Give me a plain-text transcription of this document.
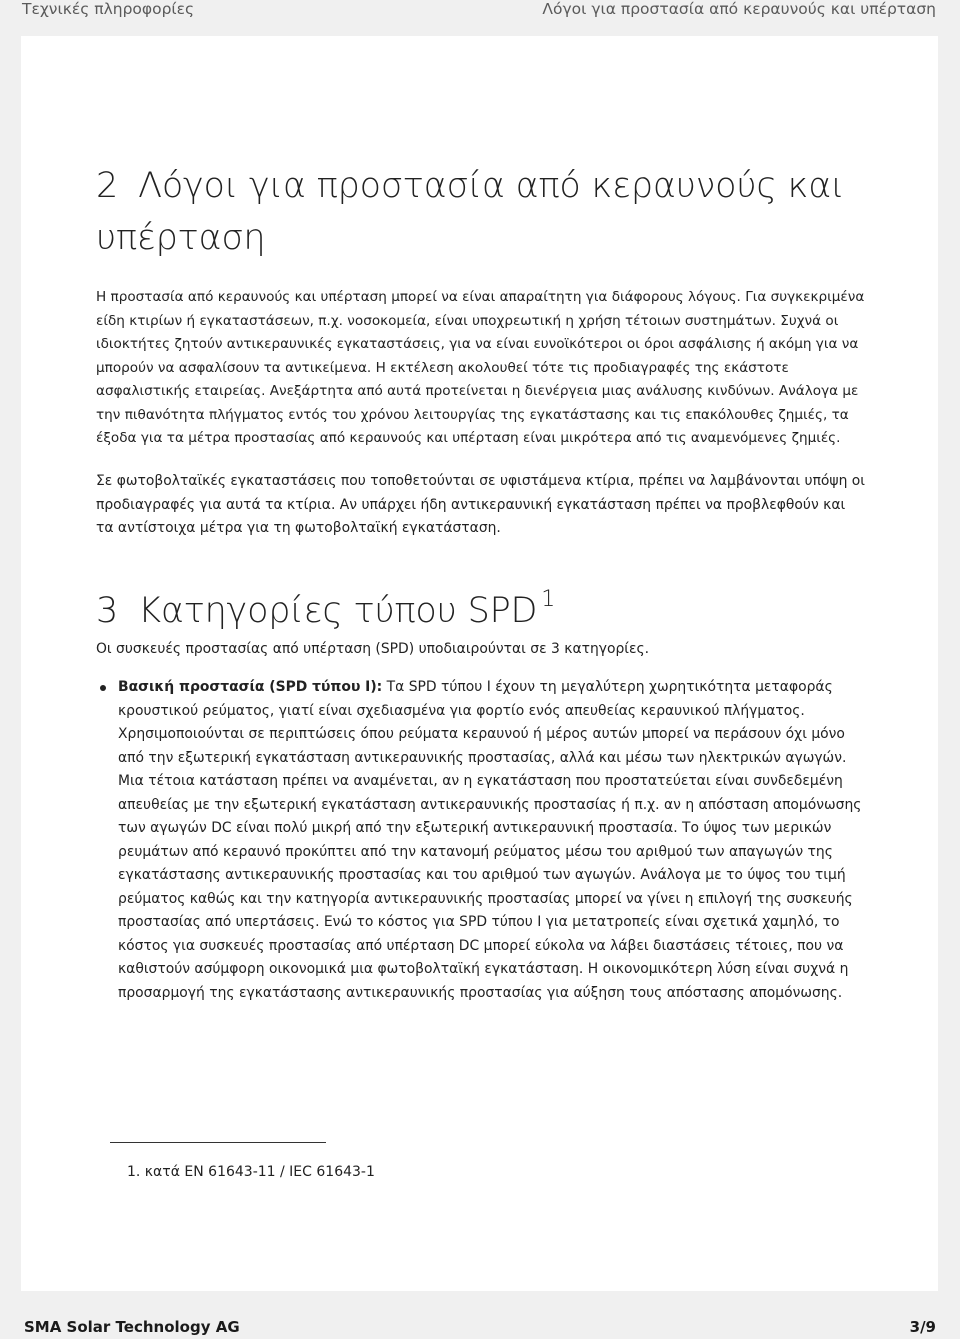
Τεχνικές πληροφορίες	Λόγοι για προστασία από κεραυνούς και υπέρταση
2 Λόγοι για προστασία από κεραυνούς και υπέρταση

Η προστασία από κεραυνούς και υπέρταση μπορεί να είναι απαραίτητη για διάφορους λόγους. Για συγκεκριμένα είδη κτιρίων ή εγκαταστάσεων, π.χ. νοσοκομεία, είναι υποχρεωτική η χρήση τέτοιων συστημάτων. Συχνά οι ιδιοκτήτες ζητούν αντικεραυνικές εγκαταστάσεις, για να είναι ευνοϊκότεροι οι όροι ασφάλισης ή ακόμη για να μπορούν να ασφαλίσουν τα αντικείμενα. Η εκτέλεση ακολουθεί τότε τις προδιαγραφές της εκάστοτε ασφαλιστικής εταιρείας. Ανεξάρτητα από αυτά προτείνεται η διενέργεια μιας ανάλυσης κινδύνων. Ανάλογα με την πιθανότητα πλήγματος εντός του χρόνου λειτουργίας της εγκατάστασης και τις επακόλουθες ζημιές, τα έξοδα για τα μέτρα προστασίας από κεραυνούς και υπέρταση είναι μικρότερα από τις αναμενόμενες ζημιές.

Σε φωτοβολταϊκές εγκαταστάσεις που τοποθετούνται σε υφιστάμενα κτίρια, πρέπει να λαμβάνονται υπόψη οι προδιαγραφές για αυτά τα κτίρια. Αν υπάρχει ήδη αντικεραυνική εγκατάσταση πρέπει να προβλεφθούν και τα αντίστοιχα μέτρα για τη φωτοβολταϊκή εγκατάσταση.

3 Κατηγορίες τύπου SPD $^1$

Οι συσκευές προστασίας από υπέρταση (SPD) υποδιαιρούνται σε 3 κατηγορίες.

Βασική προστασία (SPD τύπου I): Τα SPD τύπου I έχουν τη μεγαλύτερη χωρητικότητα μεταφοράς κρουστικού ρεύματος, γιατί είναι σχεδιασμένα για φορτίο ενός απευθείας κεραυνικού πλήγματος. Χρησιμοποιούνται σε περιπτώσεις όπου ρεύματα κεραυνού ή μέρος αυτών μπορεί να περάσουν όχι μόνο από την εξωτερική εγκατάσταση αντικεραυνικής προστασίας, αλλά και μέσω των ηλεκτρικών αγωγών. Μια τέτοια κατάσταση πρέπει να αναμένεται, αν η εγκατάσταση που προστατεύεται είναι συνδεδεμένη απευθείας με την εξωτερική εγκατάσταση αντικεραυνικής προστασίας ή π.χ. αν η απόσταση απομόνωσης των αγωγών DC είναι πολύ μικρή από την εξωτερική αντικεραυνική προστασία. Το ύψος των μερικών ρευμάτων από κεραυνό προκύπτει από την κατανομή ρεύματος μέσω του αριθμού των απαγωγών της εγκατάστασης αντικεραυνικής προστασίας και του αριθμού των αγωγών. Ανάλογα με το ύψος του τιμή ρεύματος καθώς και την κατηγορία αντικεραυνικής προστασίας μπορεί να γίνει η επιλογή της συσκευής προστασίας από υπερτάσεις. Ενώ το κόστος για SPD τύπου I για μετατροπείς είναι σχετικά χαμηλό, το κόστος για συσκευές προστασίας από υπέρταση DC μπορεί εύκολα να λάβει διαστάσεις τέτοιες, που να καθιστούν ασύμφορη οικονομικά μια φωτοβολταϊκή εγκατάσταση. Η οικονομικότερη λύση είναι συχνά η προσαρμογή της εγκατάστασης αντικεραυνικής προστασίας για αύξηση τους απόστασης απομόνωσης.
1. κατά EN 61643-11 / IEC 61643-1
SMA Solar Technology AG	3/9
